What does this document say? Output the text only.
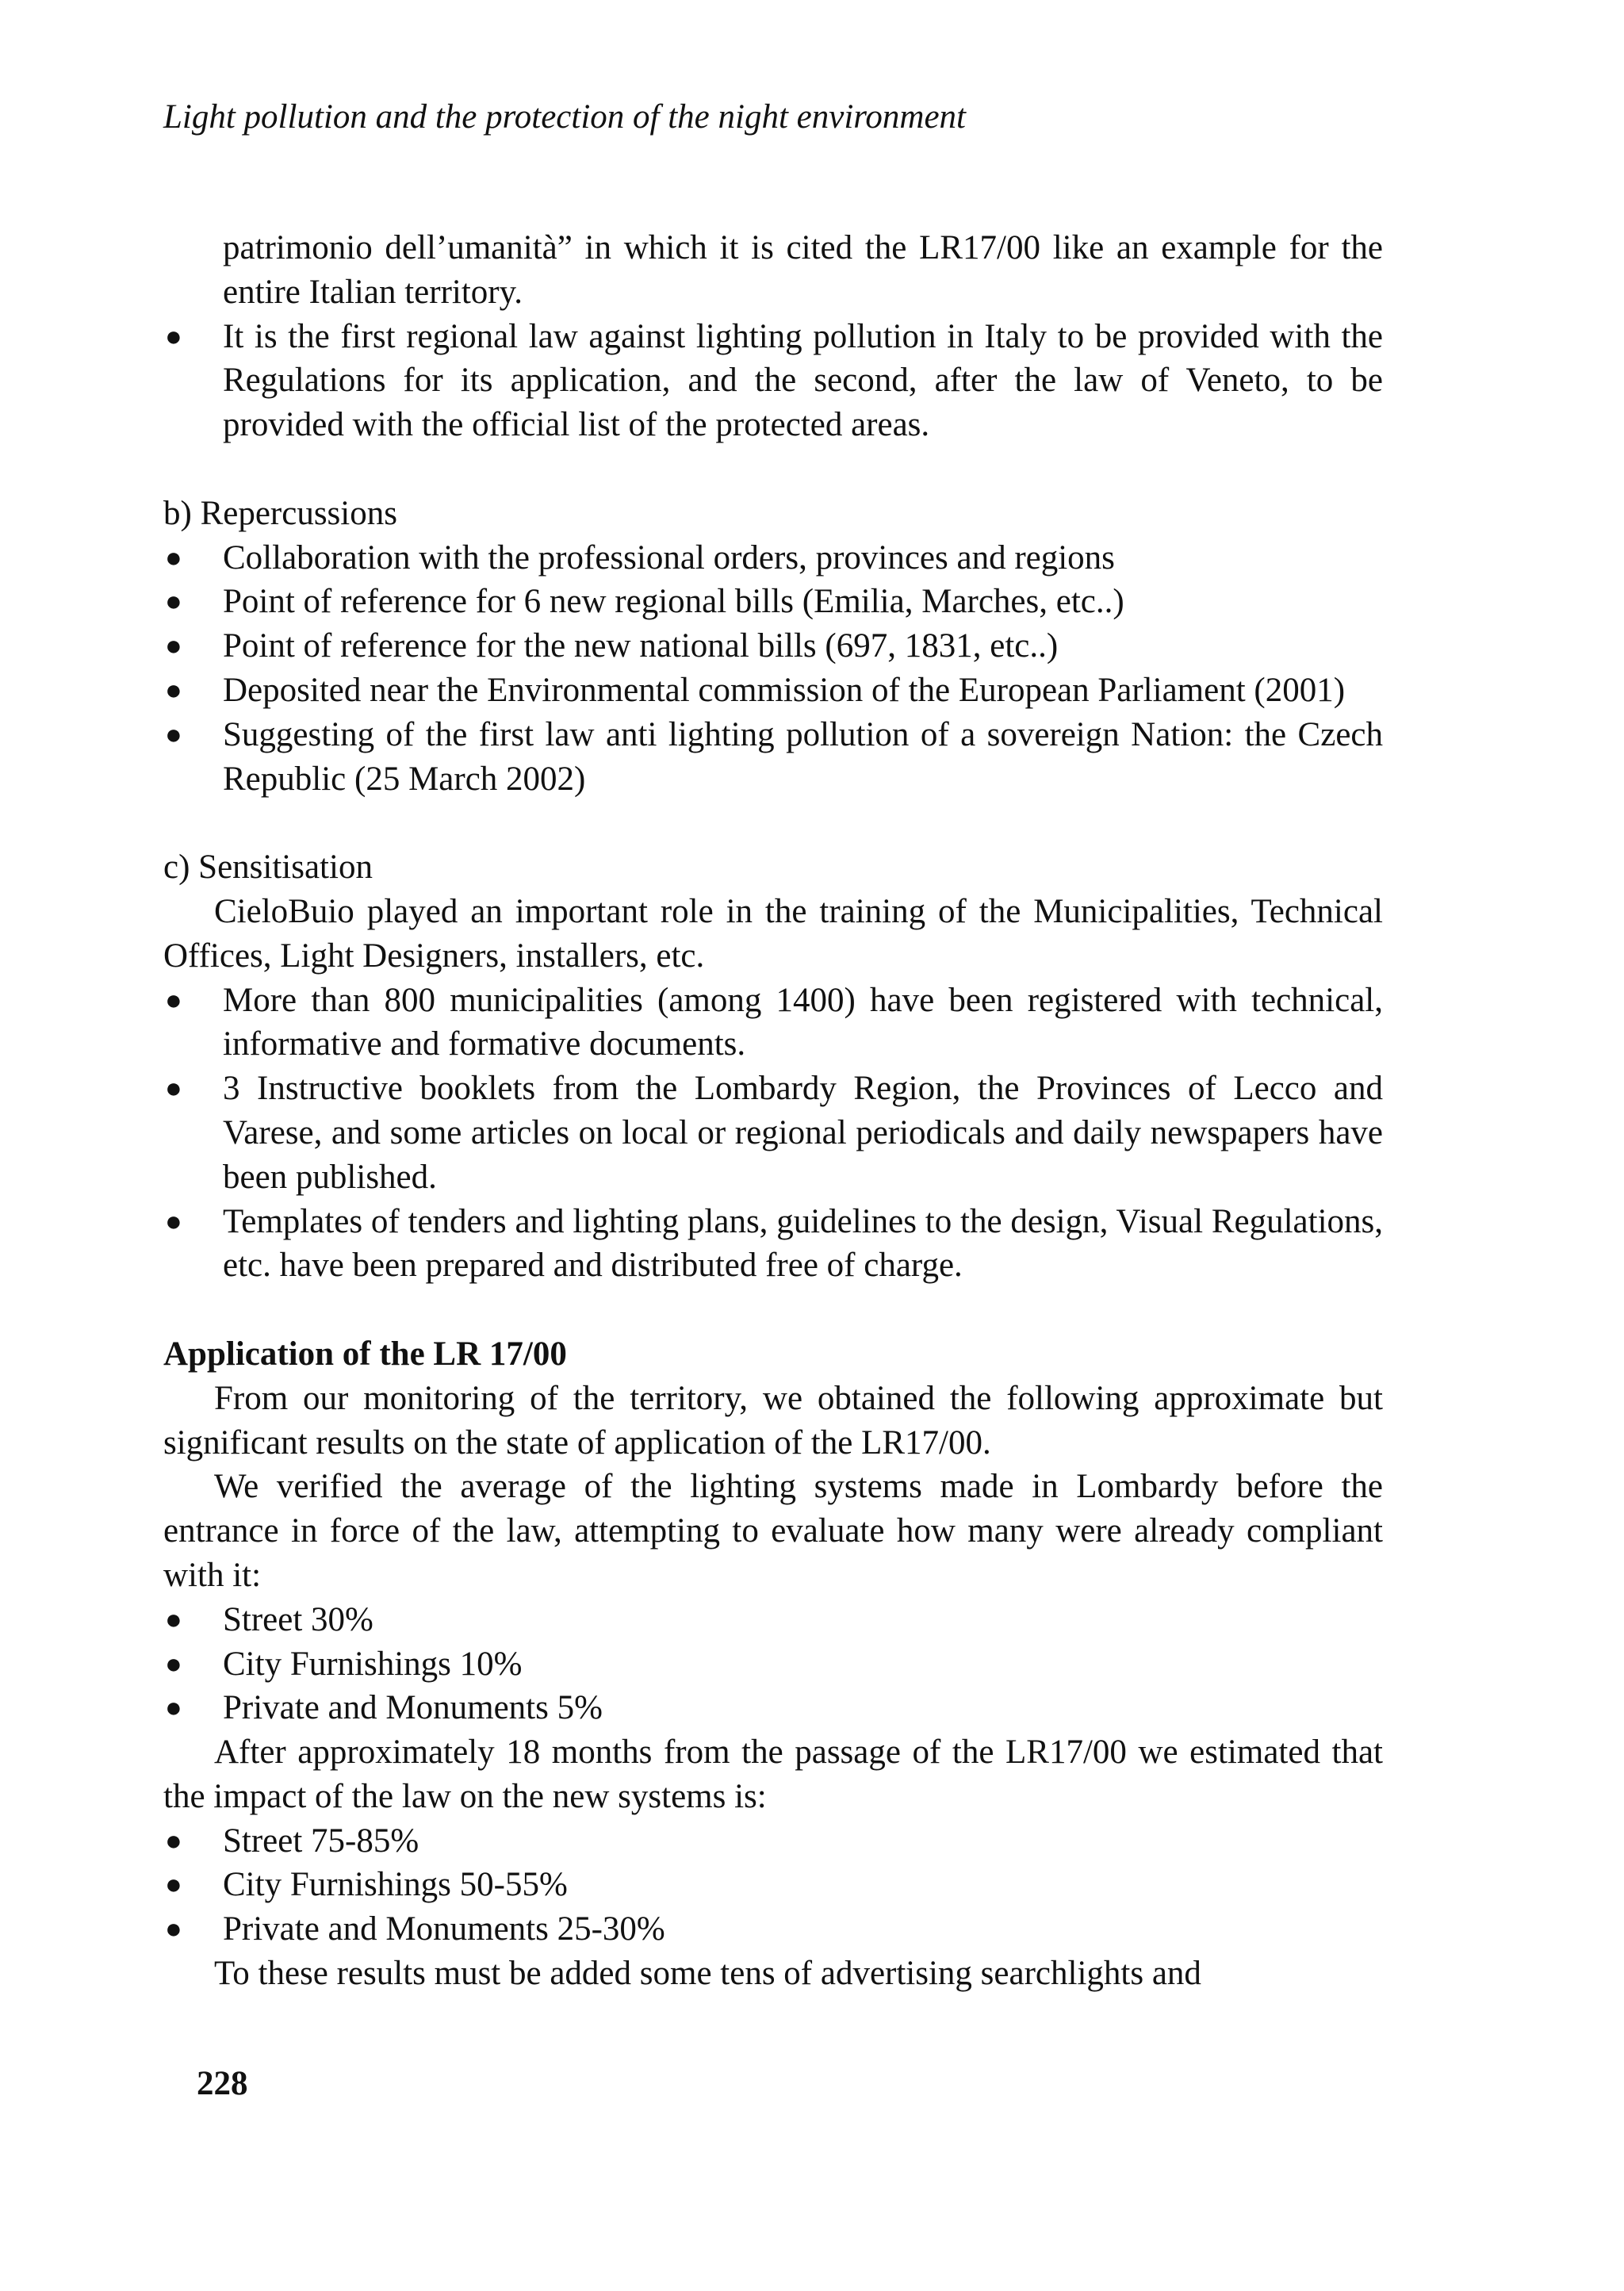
Light pollution and the protection of the night environment

patrimonio dell’umanità” in which it is cited the LR17/00 like an example for the entire Italian territory.

● It is the first regional law against lighting pollution in Italy to be provided with the Regulations for its application, and the second, after the law of Veneto, to be provided with the official list of the protected areas.

b) Repercussions

● Collaboration with the professional orders, provinces and regions
● Point of reference for 6 new regional bills (Emilia, Marches, etc..)
● Point of reference for the new national bills (697, 1831, etc..)
● Deposited near the Environmental commission of the European Parliament (2001)
● Suggesting of the first law anti lighting pollution of a sovereign Nation: the Czech Republic (25 March 2002)

c) Sensitisation

CieloBuio played an important role in the training of the Municipalities, Technical Offices, Light Designers, installers, etc.

● More than 800 municipalities (among 1400) have been registered with technical, informative and formative documents.
● 3 Instructive booklets from the Lombardy Region, the Provinces of Lecco and Varese, and some articles on local or regional periodicals and daily newspapers have been published.
● Templates of tenders and lighting plans, guidelines to the design, Visual Regulations, etc. have been prepared and distributed free of charge.

Application of the LR 17/00

From our monitoring of the territory, we obtained the following approximate but significant results on the state of application of the LR17/00.

We verified the average of the lighting systems made in Lombardy before the entrance in force of the law, attempting to evaluate how many were already compliant with it:

● Street 30%
● City Furnishings 10%
● Private and Monuments 5%

After approximately 18 months from the passage of the LR17/00 we estimated that the impact of the law on the new systems is:

● Street 75-85%
● City Furnishings 50-55%
● Private and Monuments 25-30%

To these results must be added some tens of advertising searchlights and

228
